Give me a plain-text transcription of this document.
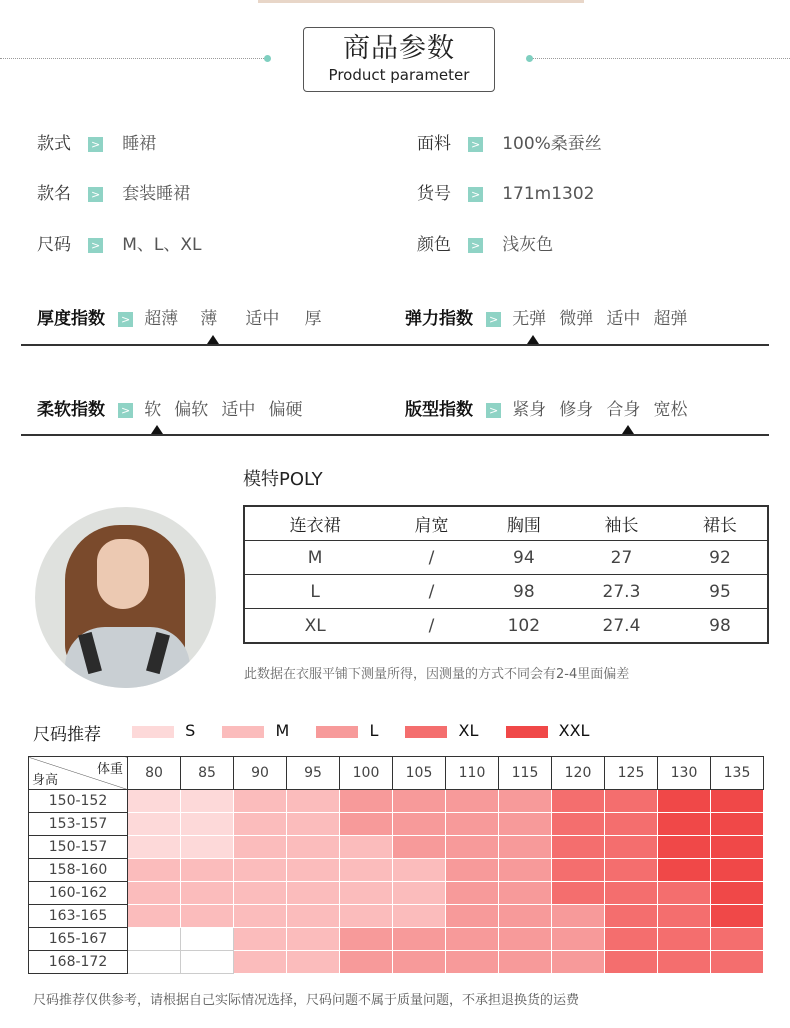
商品参数
Product parameter
款式 > 睡裙	面料 > 100%桑蚕丝
款名 > 套装睡裙	货号 > 171m1302
尺码 > M、L、XL	颜色 > 浅灰色
厚度指数 > 超薄 薄 适中 厚	弹力指数 > 无弹 微弹 适中 超弹
柔软指数 > 软 偏软 适中 偏硬	版型指数 > 紧身 修身 合身 宽松
模特POLY
连衣裙	肩宽	胸围	袖长	裙长
M	/	94	27	92
L	/	98	27.3	95
XL	/	102	27.4	98
此数据在衣服平铺下测量所得，因测量的方式不同会有2-4里面偏差
尺码推荐	S	M	L	XL	XXL
体重
身高	80	85	90	95	100	105	110	115	120	125	130	135
150-152												
153-157												
150-157												
158-160												
160-162												
163-165												
165-167												
168-172												
尺码推荐仅供参考，请根据自己实际情况选择，尺码问题不属于质量问题，不承担退换货的运费
